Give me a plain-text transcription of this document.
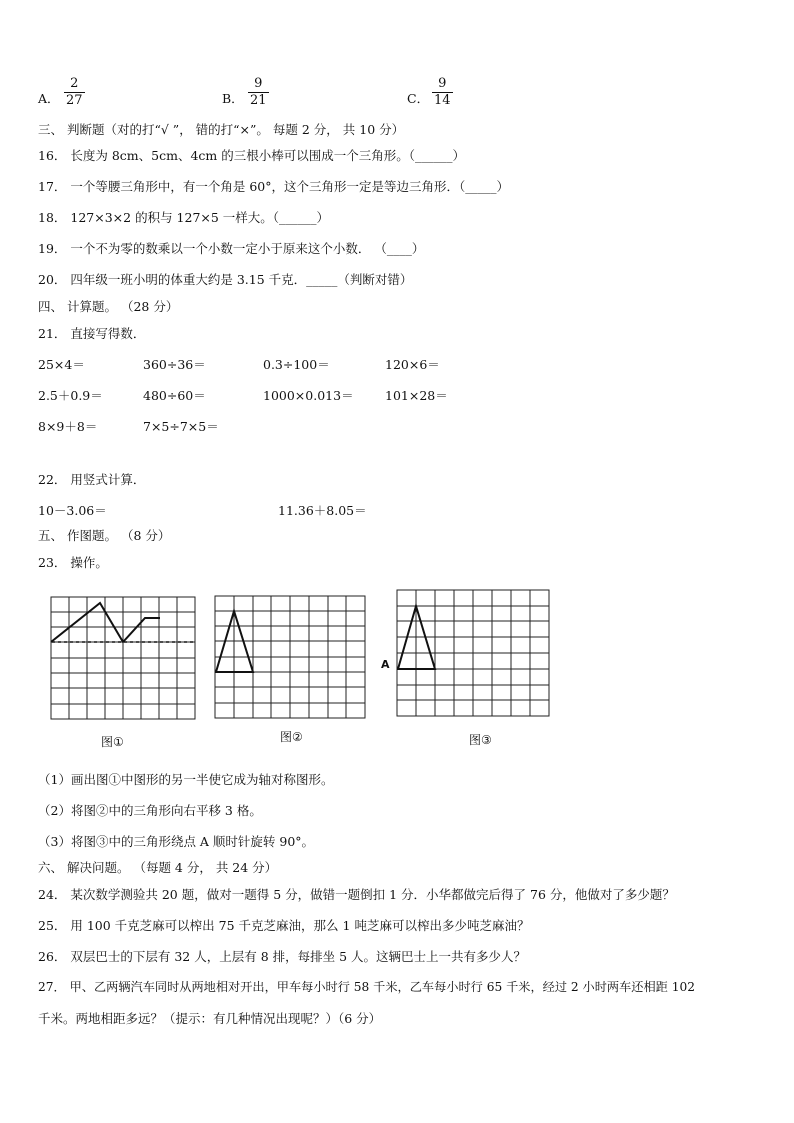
A． $\frac{2}{27}$	B． $\frac{9}{21}$	C． $\frac{9}{14}$
三、 判断题（对的打“√ ”， 错的打“×”。 每题 2 分， 共 10 分）
16． 长度为 8cm、5cm、4cm 的三根小棒可以围成一个三角形。（______）
17． 一个等腰三角形中，有一个角是 60°，这个三角形一定是等边三角形．（_____）
18． 127×3×2 的积与 127×5 一样大。（______）
19． 一个不为零的数乘以一个小数一定小于原来这个小数． （____）
20． 四年级一班小明的体重大约是 3.15 千克．_____（判断对错）
四、 计算题。 （28 分）
21． 直接写得数．
25×4＝	360÷36＝	0.3÷100＝	120×6＝
2.5＋0.9＝	480÷60＝	1000×0.013＝	101×28＝
8×9＋8＝	7×5÷7×5＝
22． 用竖式计算．
10－3.06＝	11.36＋8.05＝
五、 作图题。 （8 分）
23． 操作。
图①	图②
A
图③
（1）画出图①中图形的另一半使它成为轴对称图形。
（2）将图②中的三角形向右平移 3 格。
（3）将图③中的三角形绕点 A 顺时针旋转 90°。
六、 解决问题。 （每题 4 分， 共 24 分）
24． 某次数学测验共 20 题，做对一题得 5 分，做错一题倒扣 1 分．小华都做完后得了 76 分，他做对了多少题？
25． 用 100 千克芝麻可以榨出 75 千克芝麻油，那么 1 吨芝麻可以榨出多少吨芝麻油？
26． 双层巴士的下层有 32 人，上层有 8 排，每排坐 5 人。这辆巴士上一共有多少人？
27． 甲、乙两辆汽车同时从两地相对开出，甲车每小时行 58 千米，乙车每小时行 65 千米，经过 2 小时两车还相距 102
千米。两地相距多远？（提示：有几种情况出现呢？）（6 分）
